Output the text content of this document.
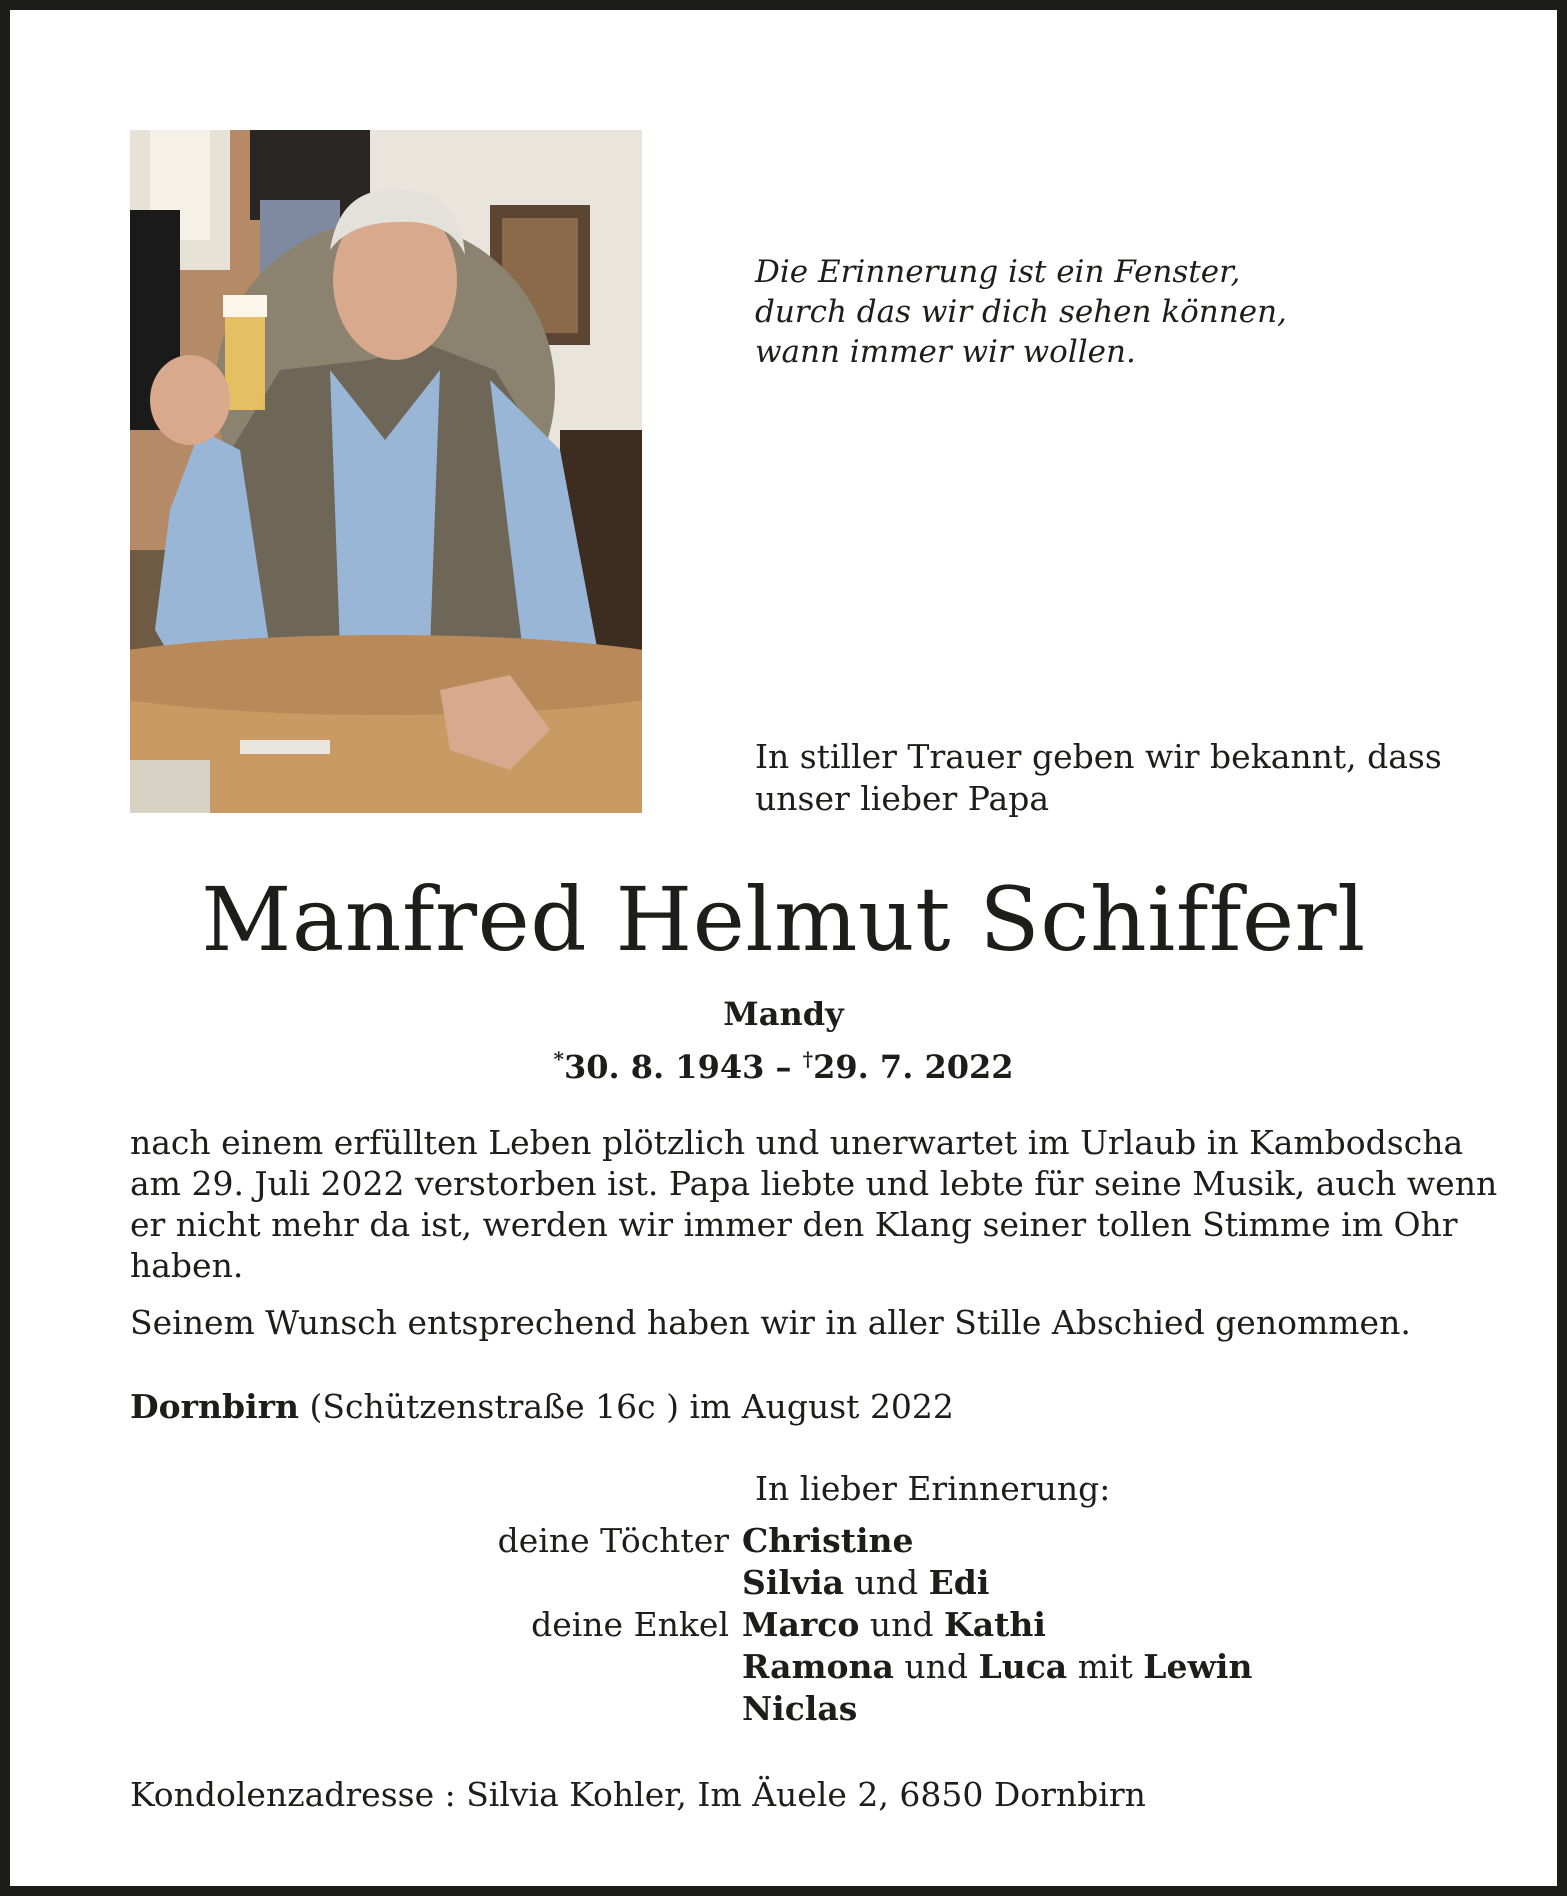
Die Erinnerung ist ein Fenster,
durch das wir dich sehen können,
wann immer wir wollen.
In stiller Trauer geben wir bekannt, dass
unser lieber Papa
Manfred Helmut Schifferl
Mandy
*30. 8. 1943 – †29. 7. 2022
nach einem erfüllten Leben plötzlich und unerwartet im Urlaub in Kambodscha
am 29. Juli 2022 verstorben ist. Papa liebte und lebte für seine Musik, auch wenn
er nicht mehr da ist, werden wir immer den Klang seiner tollen Stimme im Ohr
haben.
Seinem Wunsch entsprechend haben wir in aller Stille Abschied genommen.
Dornbirn (Schützenstraße 16c ) im August 2022
In lieber Erinnerung:
deine Töchter Christine
Silvia und Edi
deine Enkel Marco und Kathi
Ramona und Luca mit Lewin
Niclas
Kondolenzadresse : Silvia Kohler, Im Äuele 2, 6850 Dornbirn
